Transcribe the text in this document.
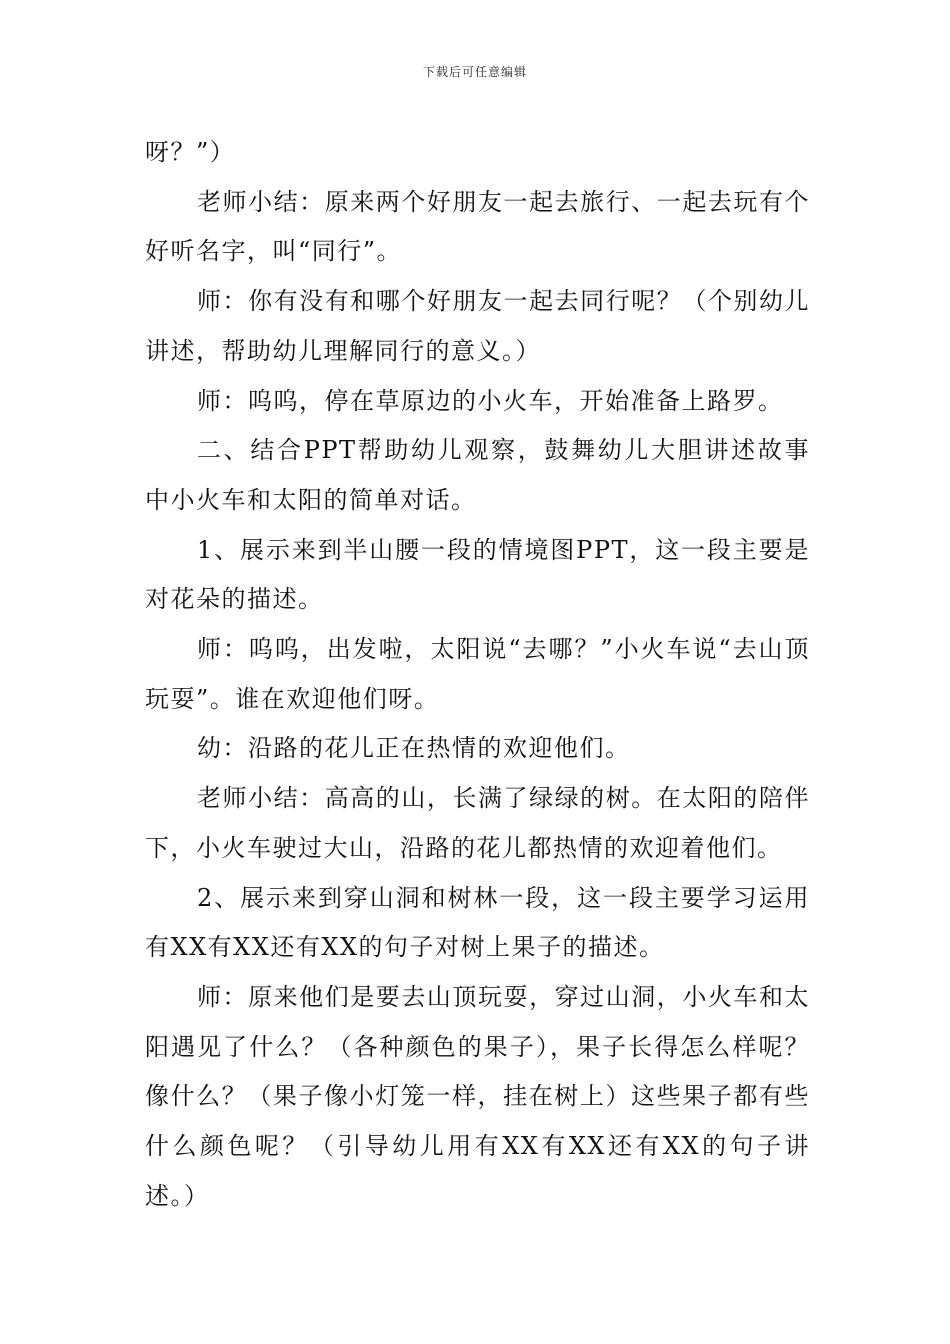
下载后可任意编辑

呀？”）

老师小结：原来两个好朋友一起去旅行、一起去玩有个好听名字，叫“同行”。

师：你有没有和哪个好朋友一起去同行呢？（个别幼儿讲述，帮助幼儿理解同行的意义。）

师：呜呜，停在草原边的小火车，开始准备上路罗。

二、结合PPT帮助幼儿观察，鼓舞幼儿大胆讲述故事中小火车和太阳的简单对话。

1、展示来到半山腰一段的情境图PPT，这一段主要是对花朵的描述。

师：呜呜，出发啦，太阳说“去哪？”小火车说“去山顶玩耍”。谁在欢迎他们呀。

幼：沿路的花儿正在热情的欢迎他们。

老师小结：高高的山，长满了绿绿的树。在太阳的陪伴下，小火车驶过大山，沿路的花儿都热情的欢迎着他们。

2、展示来到穿山洞和树林一段，这一段主要学习运用有XX有XX还有XX的句子对树上果子的描述。

师：原来他们是要去山顶玩耍，穿过山洞，小火车和太阳遇见了什么？（各种颜色的果子），果子长得怎么样呢？像什么？（果子像小灯笼一样，挂在树上）这些果子都有些什么颜色呢？（引导幼儿用有XX有XX还有XX的句子讲述。）
